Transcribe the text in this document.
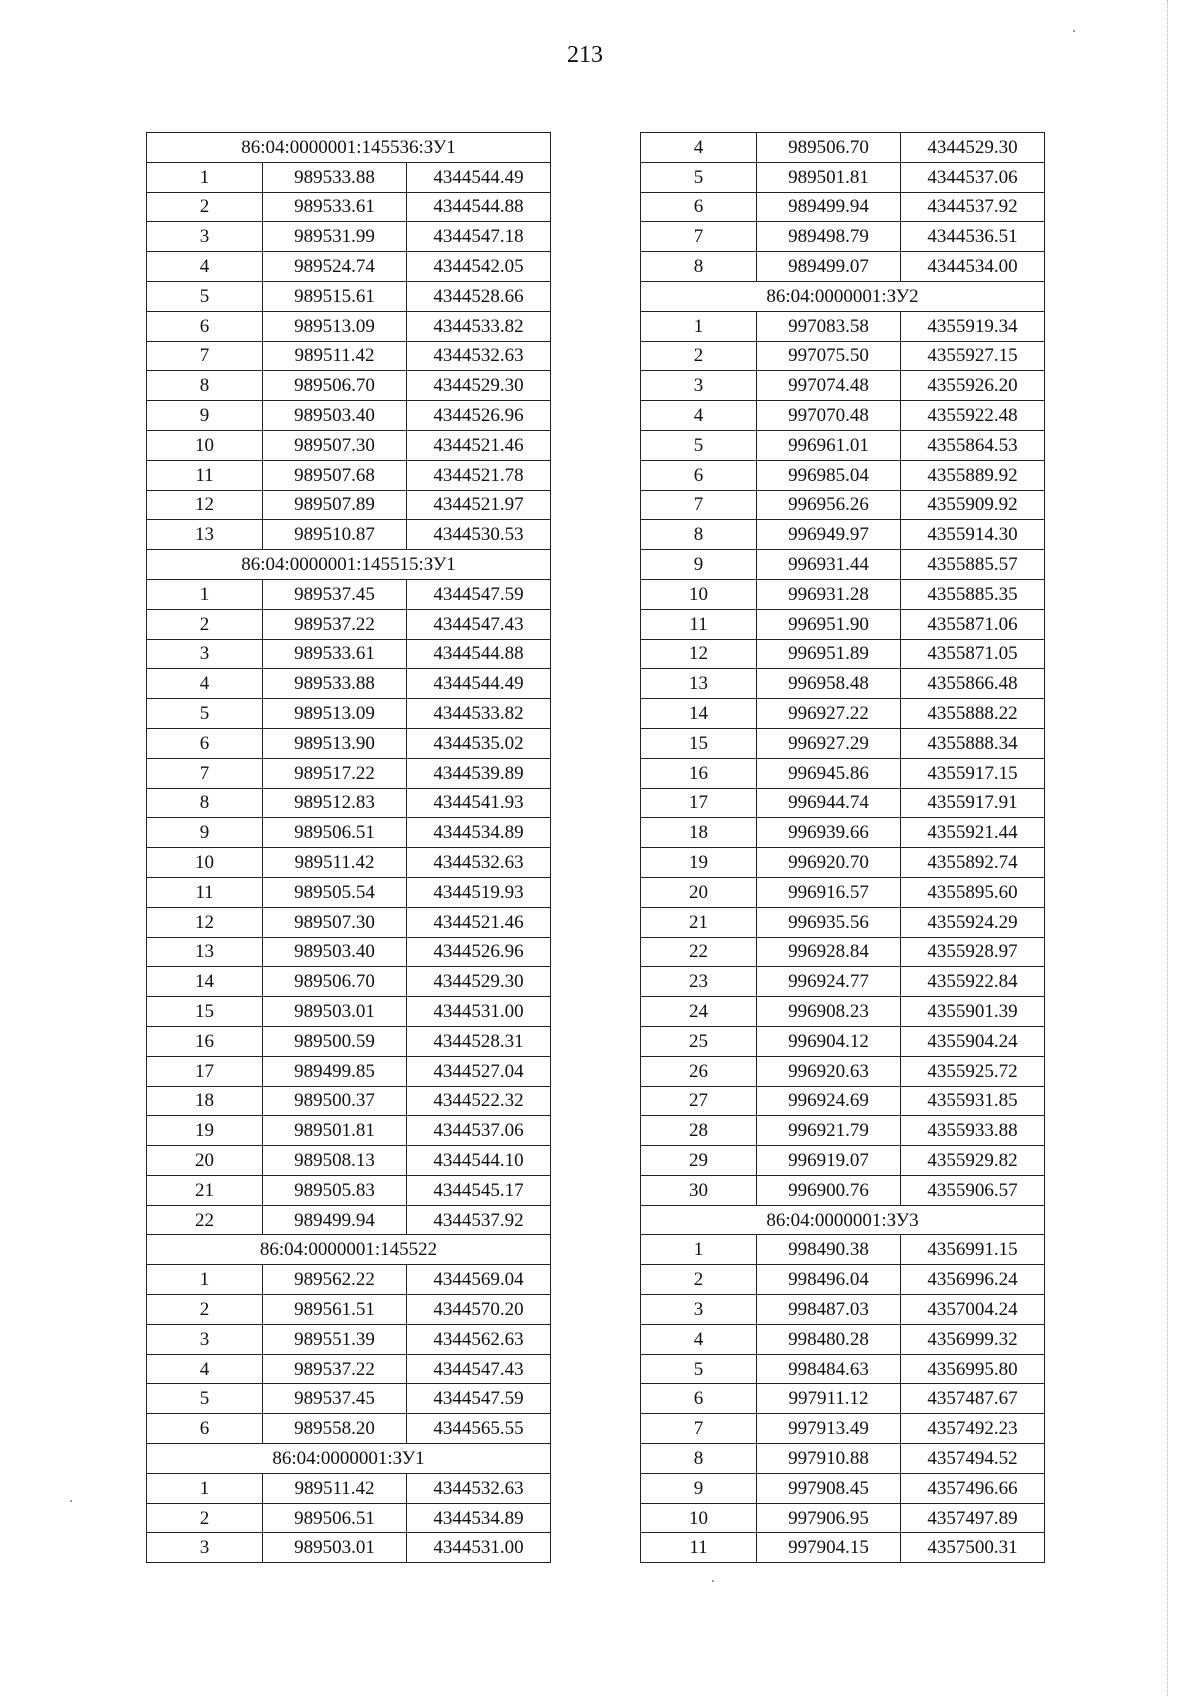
213
86:04:0000001:145536:ЗУ1		
1	989533.88	4344544.49
2	989533.61	4344544.88
3	989531.99	4344547.18
4	989524.74	4344542.05
5	989515.61	4344528.66
6	989513.09	4344533.82
7	989511.42	4344532.63
8	989506.70	4344529.30
9	989503.40	4344526.96
10	989507.30	4344521.46
11	989507.68	4344521.78
12	989507.89	4344521.97
13	989510.87	4344530.53
86:04:0000001:145515:ЗУ1		
1	989537.45	4344547.59
2	989537.22	4344547.43
3	989533.61	4344544.88
4	989533.88	4344544.49
5	989513.09	4344533.82
6	989513.90	4344535.02
7	989517.22	4344539.89
8	989512.83	4344541.93
9	989506.51	4344534.89
10	989511.42	4344532.63
11	989505.54	4344519.93
12	989507.30	4344521.46
13	989503.40	4344526.96
14	989506.70	4344529.30
15	989503.01	4344531.00
16	989500.59	4344528.31
17	989499.85	4344527.04
18	989500.37	4344522.32
19	989501.81	4344537.06
20	989508.13	4344544.10
21	989505.83	4344545.17
22	989499.94	4344537.92
86:04:0000001:145522		
1	989562.22	4344569.04
2	989561.51	4344570.20
3	989551.39	4344562.63
4	989537.22	4344547.43
5	989537.45	4344547.59
6	989558.20	4344565.55
86:04:0000001:ЗУ1		
1	989511.42	4344532.63
2	989506.51	4344534.89
3	989503.01	4344531.00
4	989506.70	4344529.30
5	989501.81	4344537.06
6	989499.94	4344537.92
7	989498.79	4344536.51
8	989499.07	4344534.00
86:04:0000001:ЗУ2		
1	997083.58	4355919.34
2	997075.50	4355927.15
3	997074.48	4355926.20
4	997070.48	4355922.48
5	996961.01	4355864.53
6	996985.04	4355889.92
7	996956.26	4355909.92
8	996949.97	4355914.30
9	996931.44	4355885.57
10	996931.28	4355885.35
11	996951.90	4355871.06
12	996951.89	4355871.05
13	996958.48	4355866.48
14	996927.22	4355888.22
15	996927.29	4355888.34
16	996945.86	4355917.15
17	996944.74	4355917.91
18	996939.66	4355921.44
19	996920.70	4355892.74
20	996916.57	4355895.60
21	996935.56	4355924.29
22	996928.84	4355928.97
23	996924.77	4355922.84
24	996908.23	4355901.39
25	996904.12	4355904.24
26	996920.63	4355925.72
27	996924.69	4355931.85
28	996921.79	4355933.88
29	996919.07	4355929.82
30	996900.76	4355906.57
86:04:0000001:ЗУ3		
1	998490.38	4356991.15
2	998496.04	4356996.24
3	998487.03	4357004.24
4	998480.28	4356999.32
5	998484.63	4356995.80
6	997911.12	4357487.67
7	997913.49	4357492.23
8	997910.88	4357494.52
9	997908.45	4357496.66
10	997906.95	4357497.89
11	997904.15	4357500.31
